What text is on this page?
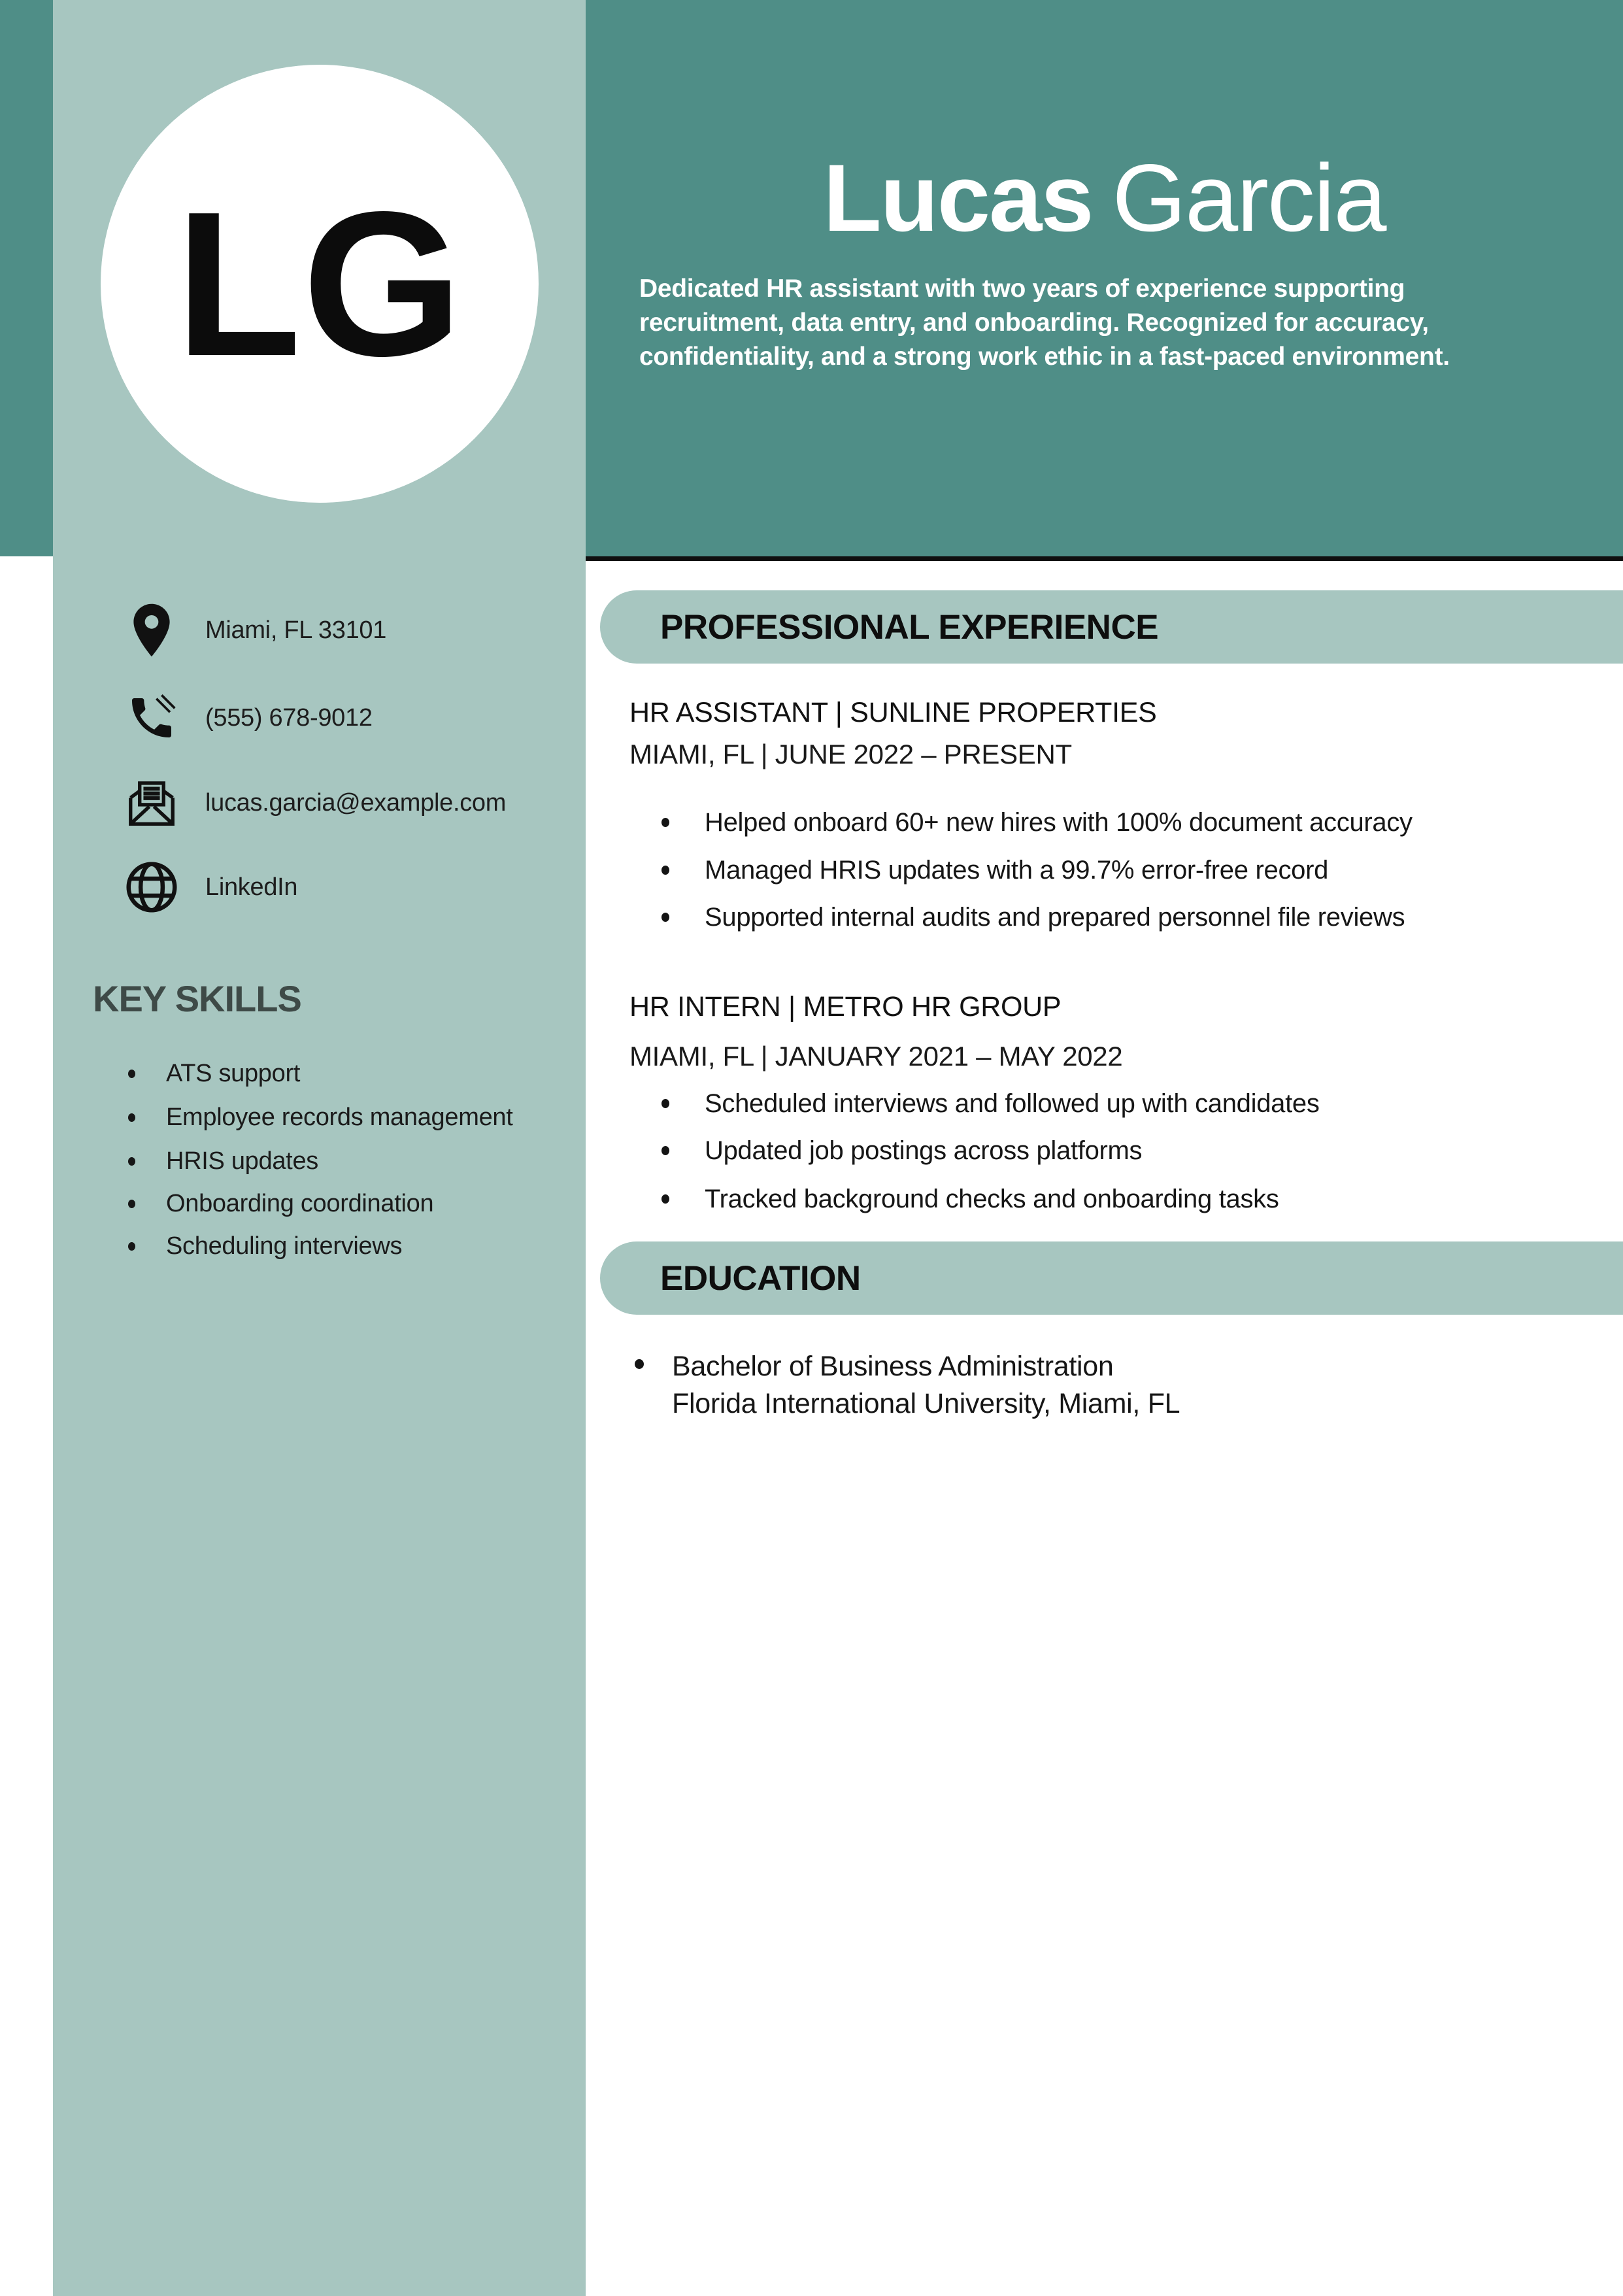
LG	Lucas Garcia
Dedicated HR assistant with two years of experience supporting recruitment, data entry, and onboarding. Recognized for accuracy, confidentiality, and a strong work ethic in a fast-paced environment.
Miami, FL 33101
(555) 678-9012
lucas.garcia@example.com
LinkedIn
KEY SKILLS
ATS support
Employee records management
HRIS updates
Onboarding coordination
Scheduling interviews
PROFESSIONAL EXPERIENCE
HR ASSISTANT | SUNLINE PROPERTIES
MIAMI, FL | JUNE 2022 – PRESENT
Helped onboard 60+ new hires with 100% document accuracy
Managed HRIS updates with a 99.7% error-free record
Supported internal audits and prepared personnel file reviews
HR INTERN | METRO HR GROUP
MIAMI, FL | JANUARY 2021 – MAY 2022
Scheduled interviews and followed up with candidates
Updated job postings across platforms
Tracked background checks and onboarding tasks
EDUCATION
Bachelor of Business Administration
Florida International University, Miami, FL
